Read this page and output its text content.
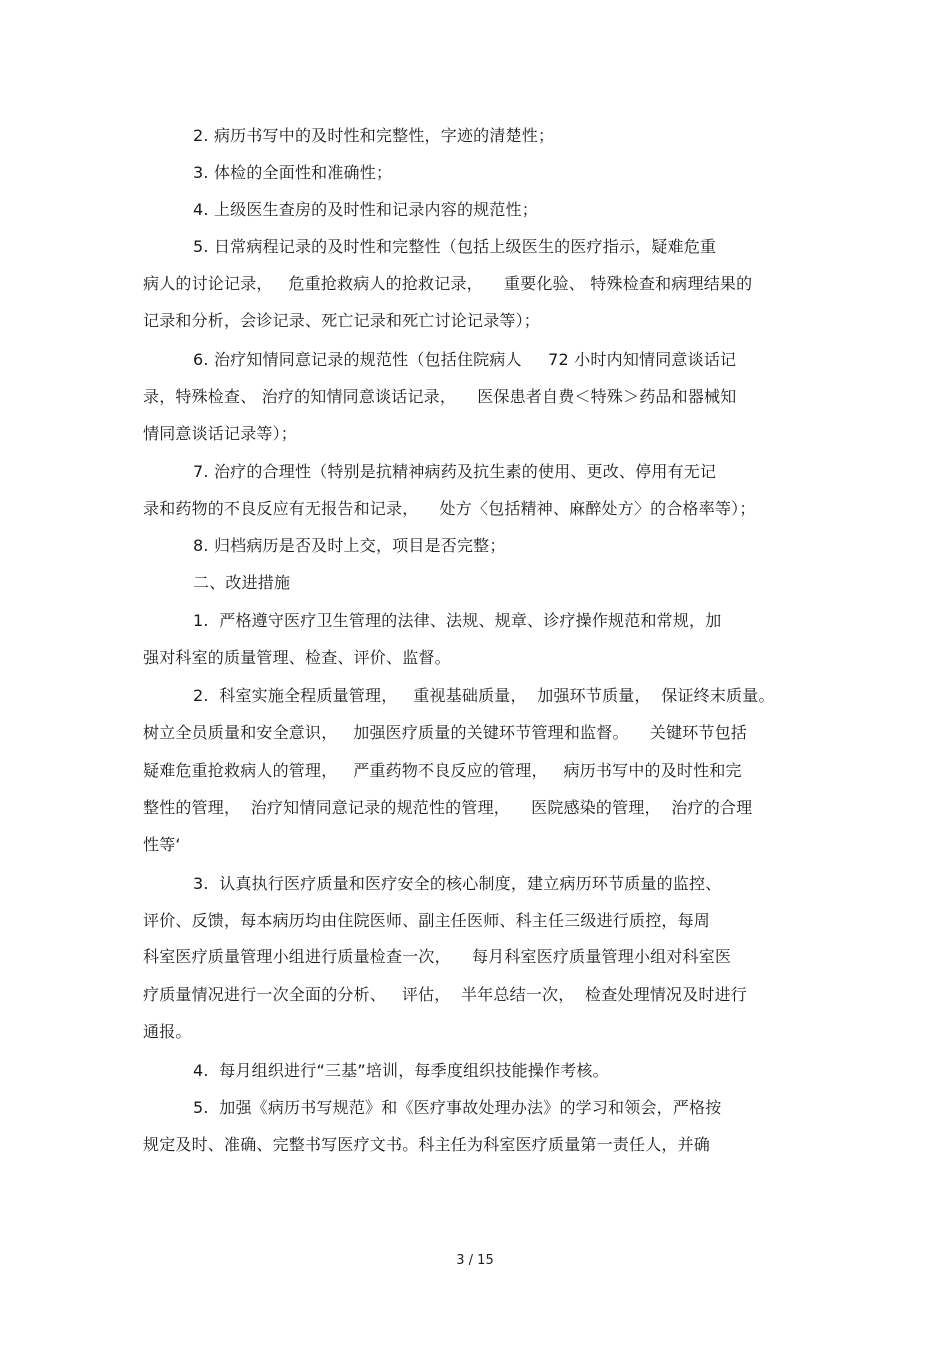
2. 病历书写中的及时性和完整性，字迹的清楚性；
3. 体检的全面性和准确性；
4. 上级医生查房的及时性和记录内容的规范性；
5. 日常病程记录的及时性和完整性（包括上级医生的医疗指示，疑难危重
病人的讨论记录，   危重抢救病人的抢救记录，    重要化验、 特殊检查和病理结果的
记录和分析，会诊记录、死亡记录和死亡讨论记录等）；
6. 治疗知情同意记录的规范性（包括住院病人     72 小时内知情同意谈话记
录，特殊检查、 治疗的知情同意谈话记录，    医保患者自费＜特殊＞药品和器械知
情同意谈话记录等）；
7. 治疗的合理性（特别是抗精神病药及抗生素的使用、更改、停用有无记
录和药物的不良反应有无报告和记录，    处方〈包括精神、麻醉处方〉的合格率等）；
8. 归档病历是否及时上交，项目是否完整；
二、改进措施
1.  严格遵守医疗卫生管理的法律、法规、规章、诊疗操作规范和常规，加
强对科室的质量管理、检查、评价、监督。
2.  科室实施全程质量管理，   重视基础质量，  加强环节质量，  保证终末质量。
树立全员质量和安全意识，   加强医疗质量的关键环节管理和监督。    关键环节包括
疑难危重抢救病人的管理，   严重药物不良反应的管理，   病历书写中的及时性和完
整性的管理，  治疗知情同意记录的规范性的管理，    医院感染的管理，  治疗的合理
性等‘
3.  认真执行医疗质量和医疗安全的核心制度，建立病历环节质量的监控、
评价、反馈，每本病历均由住院医师、副主任医师、科主任三级进行质控，每周
科室医疗质量管理小组进行质量检查一次，    每月科室医疗质量管理小组对科室医
疗质量情况进行一次全面的分析、   评估，  半年总结一次，  检查处理情况及时进行
通报。
4.  每月组织进行“三基”培训，每季度组织技能操作考核。
5.  加强《病历书写规范》和《医疗事故处理办法》的学习和领会，严格按
规定及时、准确、完整书写医疗文书。科主任为科室医疗质量第一责任人，并确
3 / 15
